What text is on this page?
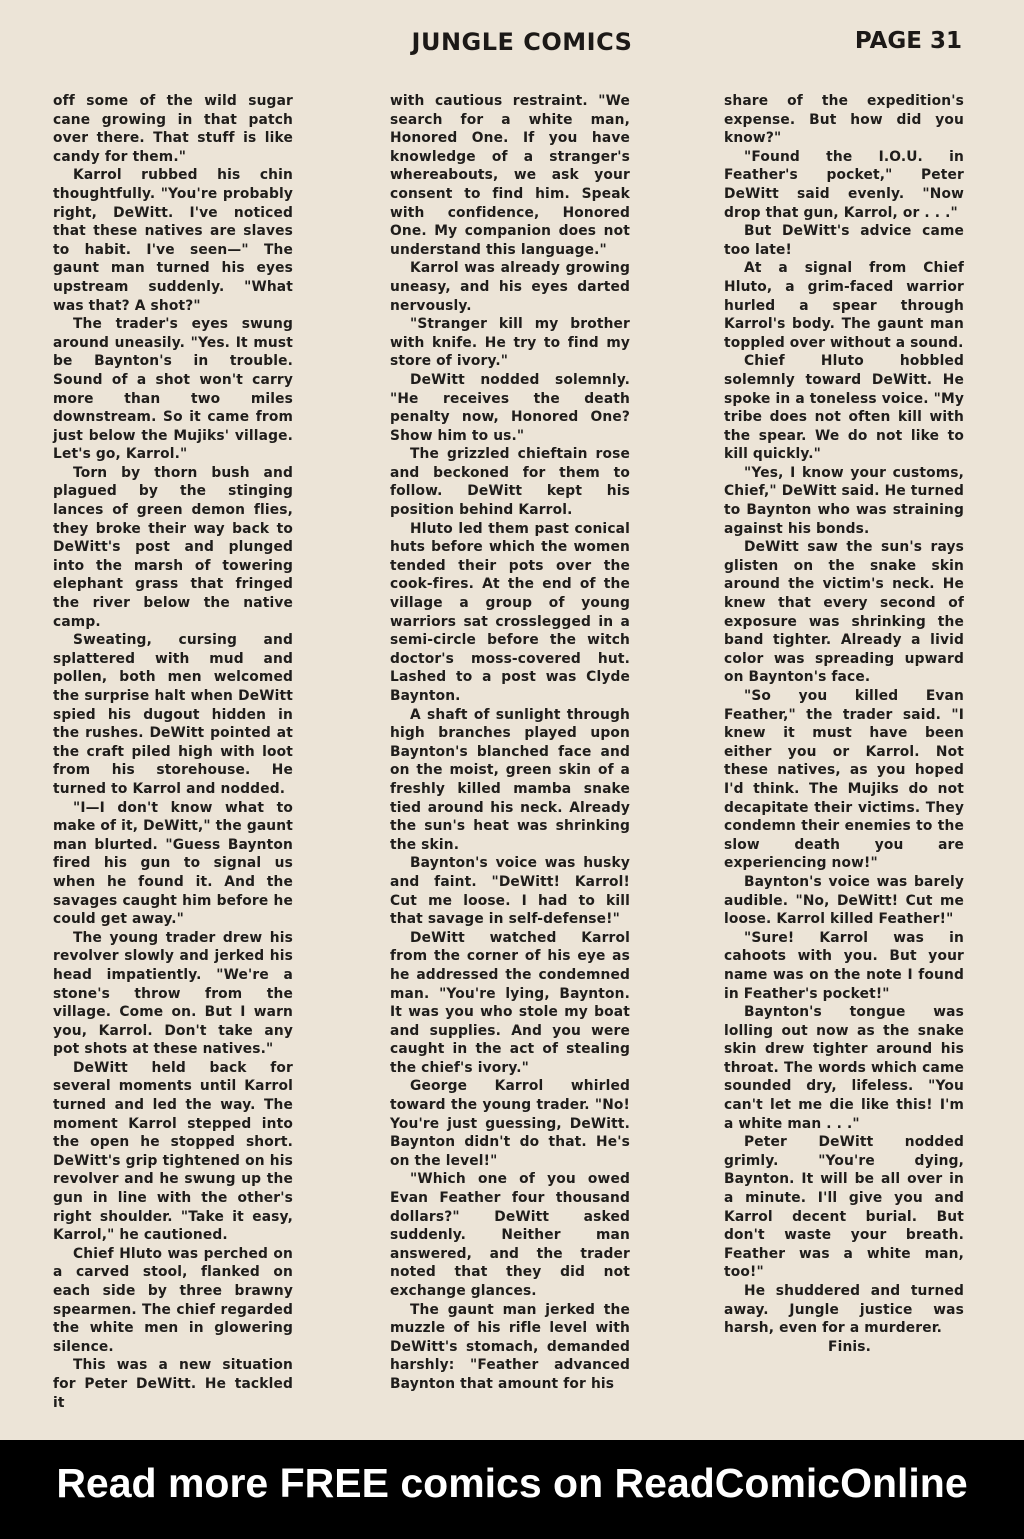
JUNGLE COMICS	PAGE 31

off some of the wild sugar cane growing in that patch over there. That stuff is like candy for them."

Karrol rubbed his chin thoughtfully. "You're probably right, DeWitt. I've noticed that these natives are slaves to habit. I've seen—" The gaunt man turned his eyes upstream suddenly. "What was that? A shot?"

The trader's eyes swung around uneasily. "Yes. It must be Baynton's in trouble. Sound of a shot won't carry more than two miles downstream. So it came from just below the Mujiks' village. Let's go, Karrol."

Torn by thorn bush and plagued by the stinging lances of green demon flies, they broke their way back to DeWitt's post and plunged into the marsh of towering elephant grass that fringed the river below the native camp.

Sweating, cursing and splattered with mud and pollen, both men welcomed the surprise halt when DeWitt spied his dugout hidden in the rushes. DeWitt pointed at the craft piled high with loot from his storehouse. He turned to Karrol and nodded.

"I—I don't know what to make of it, DeWitt," the gaunt man blurted. "Guess Baynton fired his gun to signal us when he found it. And the savages caught him before he could get away."

The young trader drew his revolver slowly and jerked his head impatiently. "We're a stone's throw from the village. Come on. But I warn you, Karrol. Don't take any pot shots at these natives."

DeWitt held back for several moments until Karrol turned and led the way. The moment Karrol stepped into the open he stopped short. DeWitt's grip tightened on his revolver and he swung up the gun in line with the other's right shoulder. "Take it easy, Karrol," he cautioned.

Chief Hluto was perched on a carved stool, flanked on each side by three brawny spearmen. The chief regarded the white men in glowering silence.

This was a new situation for Peter DeWitt. He tackled it

with cautious restraint. "We search for a white man, Honored One. If you have knowledge of a stranger's whereabouts, we ask your consent to find him. Speak with confidence, Honored One. My companion does not understand this language."

Karrol was already growing uneasy, and his eyes darted nervously.

"Stranger kill my brother with knife. He try to find my store of ivory."

DeWitt nodded solemnly. "He receives the death penalty now, Honored One? Show him to us."

The grizzled chieftain rose and beckoned for them to follow. DeWitt kept his position behind Karrol.

Hluto led them past conical huts before which the women tended their pots over the cook-fires. At the end of the village a group of young warriors sat crosslegged in a semi-circle before the witch doctor's moss-covered hut. Lashed to a post was Clyde Baynton.

A shaft of sunlight through high branches played upon Baynton's blanched face and on the moist, green skin of a freshly killed mamba snake tied around his neck. Already the sun's heat was shrinking the skin.

Baynton's voice was husky and faint. "DeWitt! Karrol! Cut me loose. I had to kill that savage in self-defense!"

DeWitt watched Karrol from the corner of his eye as he addressed the condemned man. "You're lying, Baynton. It was you who stole my boat and supplies. And you were caught in the act of stealing the chief's ivory."

George Karrol whirled toward the young trader. "No! You're just guessing, DeWitt. Baynton didn't do that. He's on the level!"

"Which one of you owed Evan Feather four thousand dollars?" DeWitt asked suddenly. Neither man answered, and the trader noted that they did not exchange glances.

The gaunt man jerked the muzzle of his rifle level with DeWitt's stomach, demanded harshly: "Feather advanced Baynton that amount for his

share of the expedition's expense. But how did you know?"

"Found the I.O.U. in Feather's pocket," Peter DeWitt said evenly. "Now drop that gun, Karrol, or . . ."

But DeWitt's advice came too late!

At a signal from Chief Hluto, a grim-faced warrior hurled a spear through Karrol's body. The gaunt man toppled over without a sound.

Chief Hluto hobbled solemnly toward DeWitt. He spoke in a toneless voice. "My tribe does not often kill with the spear. We do not like to kill quickly."

"Yes, I know your customs, Chief," DeWitt said. He turned to Baynton who was straining against his bonds.

DeWitt saw the sun's rays glisten on the snake skin around the victim's neck. He knew that every second of exposure was shrinking the band tighter. Already a livid color was spreading upward on Baynton's face.

"So you killed Evan Feather," the trader said. "I knew it must have been either you or Karrol. Not these natives, as you hoped I'd think. The Mujiks do not decapitate their victims. They condemn their enemies to the slow death you are experiencing now!"

Baynton's voice was barely audible. "No, DeWitt! Cut me loose. Karrol killed Feather!"

"Sure! Karrol was in cahoots with you. But your name was on the note I found in Feather's pocket!"

Baynton's tongue was lolling out now as the snake skin drew tighter around his throat. The words which came sounded dry, lifeless. "You can't let me die like this! I'm a white man . . ."

Peter DeWitt nodded grimly. "You're dying, Baynton. It will be all over in a minute. I'll give you and Karrol decent burial. But don't waste your breath. Feather was a white man, too!"

He shuddered and turned away. Jungle justice was harsh, even for a murderer.

Finis.

Read more FREE comics on ReadComicOnline
